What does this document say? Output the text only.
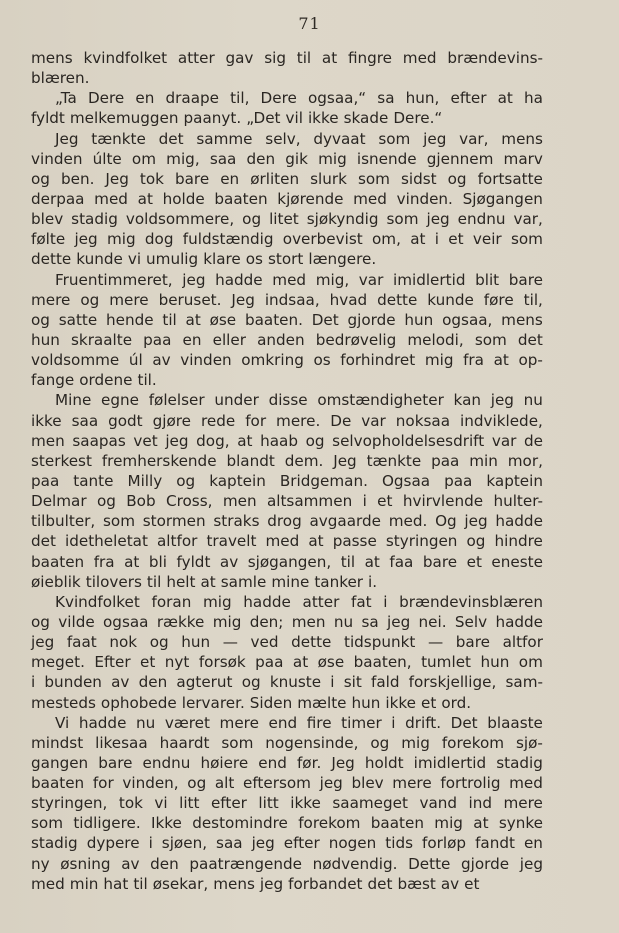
71
mens kvindfolket atter gav sig til at fingre med brændevins-
blæren.
„Ta Dere en draape til, Dere ogsaa,“ sa hun, efter at ha
fyldt melkemuggen paanyt. „Det vil ikke skade Dere.“
Jeg tænkte det samme selv, dyvaat som jeg var, mens
vinden últe om mig, saa den gik mig isnende gjennem marv
og ben. Jeg tok bare en ørliten slurk som sidst og fortsatte
derpaa med at holde baaten kjørende med vinden. Sjøgangen
blev stadig voldsommere, og litet sjøkyndig som jeg endnu var,
følte jeg mig dog fuldstændig overbevist om, at i et veir som
dette kunde vi umulig klare os stort længere.
Fruentimmeret, jeg hadde med mig, var imidlertid blit bare
mere og mere beruset. Jeg indsaa, hvad dette kunde føre til,
og satte hende til at øse baaten. Det gjorde hun ogsaa, mens
hun skraalte paa en eller anden bedrøvelig melodi, som det
voldsomme úl av vinden omkring os forhindret mig fra at op-
fange ordene til.
Mine egne følelser under disse omstændigheter kan jeg nu
ikke saa godt gjøre rede for mere. De var noksaa indviklede,
men saapas vet jeg dog, at haab og selvopholdelsesdrift var de
sterkest fremherskende blandt dem. Jeg tænkte paa min mor,
paa tante Milly og kaptein Bridgeman. Ogsaa paa kaptein
Delmar og Bob Cross, men altsammen i et hvirvlende hulter-
tilbulter, som stormen straks drog avgaarde med. Og jeg hadde
det idetheletat altfor travelt med at passe styringen og hindre
baaten fra at bli fyldt av sjøgangen, til at faa bare et eneste
øieblik tilovers til helt at samle mine tanker i.
Kvindfolket foran mig hadde atter fat i brændevinsblæren
og vilde ogsaa række mig den; men nu sa jeg nei. Selv hadde
jeg faat nok og hun — ved dette tidspunkt — bare altfor
meget. Efter et nyt forsøk paa at øse baaten, tumlet hun om
i bunden av den agterut og knuste i sit fald forskjellige, sam-
mesteds ophobede lervarer. Siden mælte hun ikke et ord.
Vi hadde nu været mere end fire timer i drift. Det blaaste
mindst likesaa haardt som nogensinde, og mig forekom sjø-
gangen bare endnu høiere end før. Jeg holdt imidlertid stadig
baaten for vinden, og alt eftersom jeg blev mere fortrolig med
styringen, tok vi litt efter litt ikke saameget vand ind mere
som tidligere. Ikke destomindre forekom baaten mig at synke
stadig dypere i sjøen, saa jeg efter nogen tids forløp fandt en
ny øsning av den paatrængende nødvendig. Dette gjorde jeg
med min hat til øsekar, mens jeg forbandet det bæst av et
